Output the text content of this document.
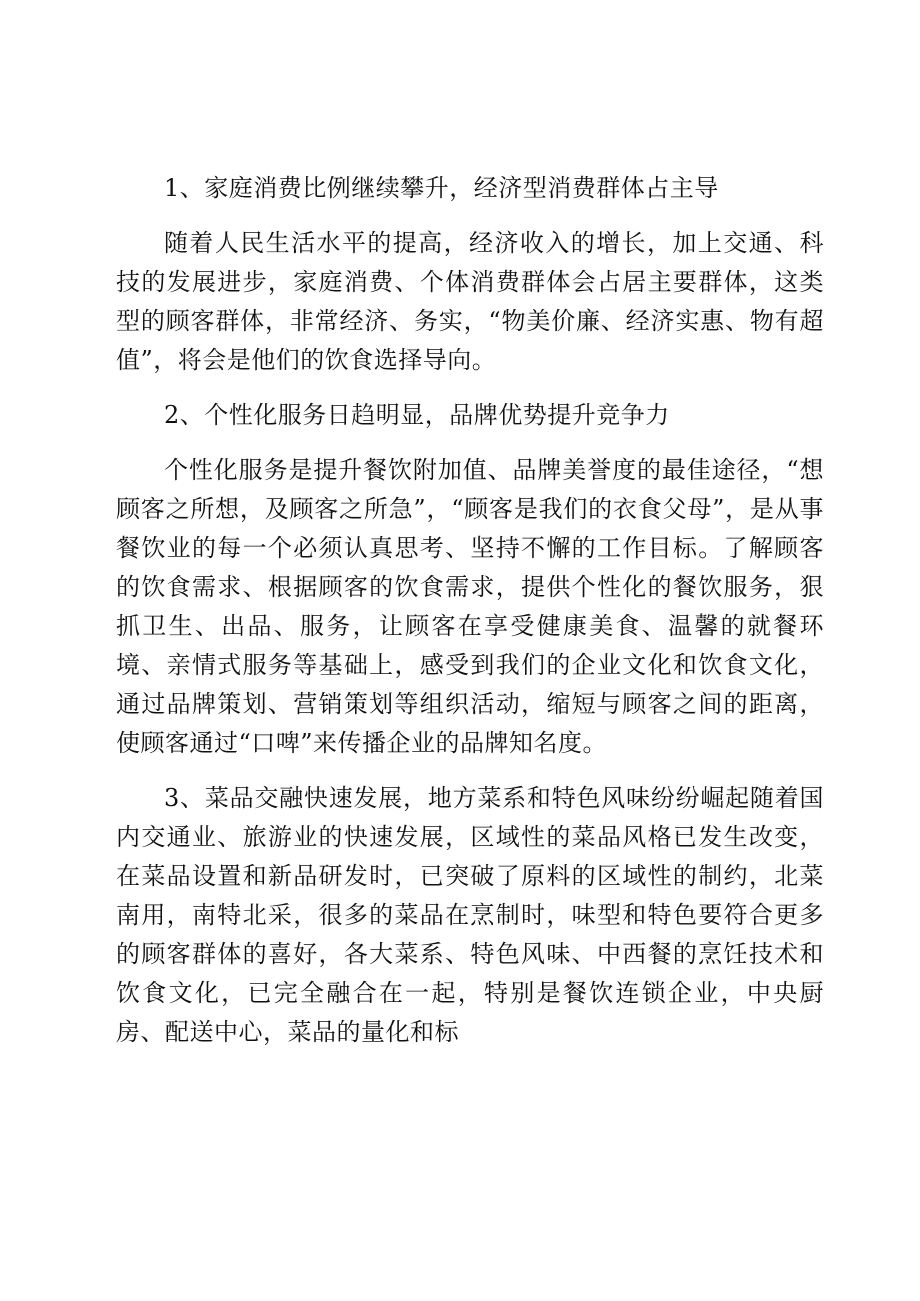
1、家庭消费比例继续攀升，经济型消费群体占主导

随着人民生活水平的提高，经济收入的增长，加上交通、科技的发展进步，家庭消费、个体消费群体会占居主要群体，这类型的顾客群体，非常经济、务实，“物美价廉、经济实惠、物有超值”，将会是他们的饮食选择导向。

2、个性化服务日趋明显，品牌优势提升竞争力

个性化服务是提升餐饮附加值、品牌美誉度的最佳途径，“想顾客之所想，及顾客之所急”，“顾客是我们的衣食父母”，是从事餐饮业的每一个必须认真思考、坚持不懈的工作目标。了解顾客的饮食需求、根据顾客的饮食需求，提供个性化的餐饮服务，狠抓卫生、出品、服务，让顾客在享受健康美食、温馨的就餐环境、亲情式服务等基础上，感受到我们的企业文化和饮食文化，通过品牌策划、营销策划等组织活动，缩短与顾客之间的距离，使顾客通过“口啤”来传播企业的品牌知名度。

3、菜品交融快速发展，地方菜系和特色风味纷纷崛起随着国内交通业、旅游业的快速发展，区域性的菜品风格已发生改变，在菜品设置和新品研发时，已突破了原料的区域性的制约，北菜南用，南特北采，很多的菜品在烹制时，味型和特色要符合更多的顾客群体的喜好，各大菜系、特色风味、中西餐的烹饪技术和饮食文化，已完全融合在一起，特别是餐饮连锁企业，中央厨房、配送中心，菜品的量化和标
